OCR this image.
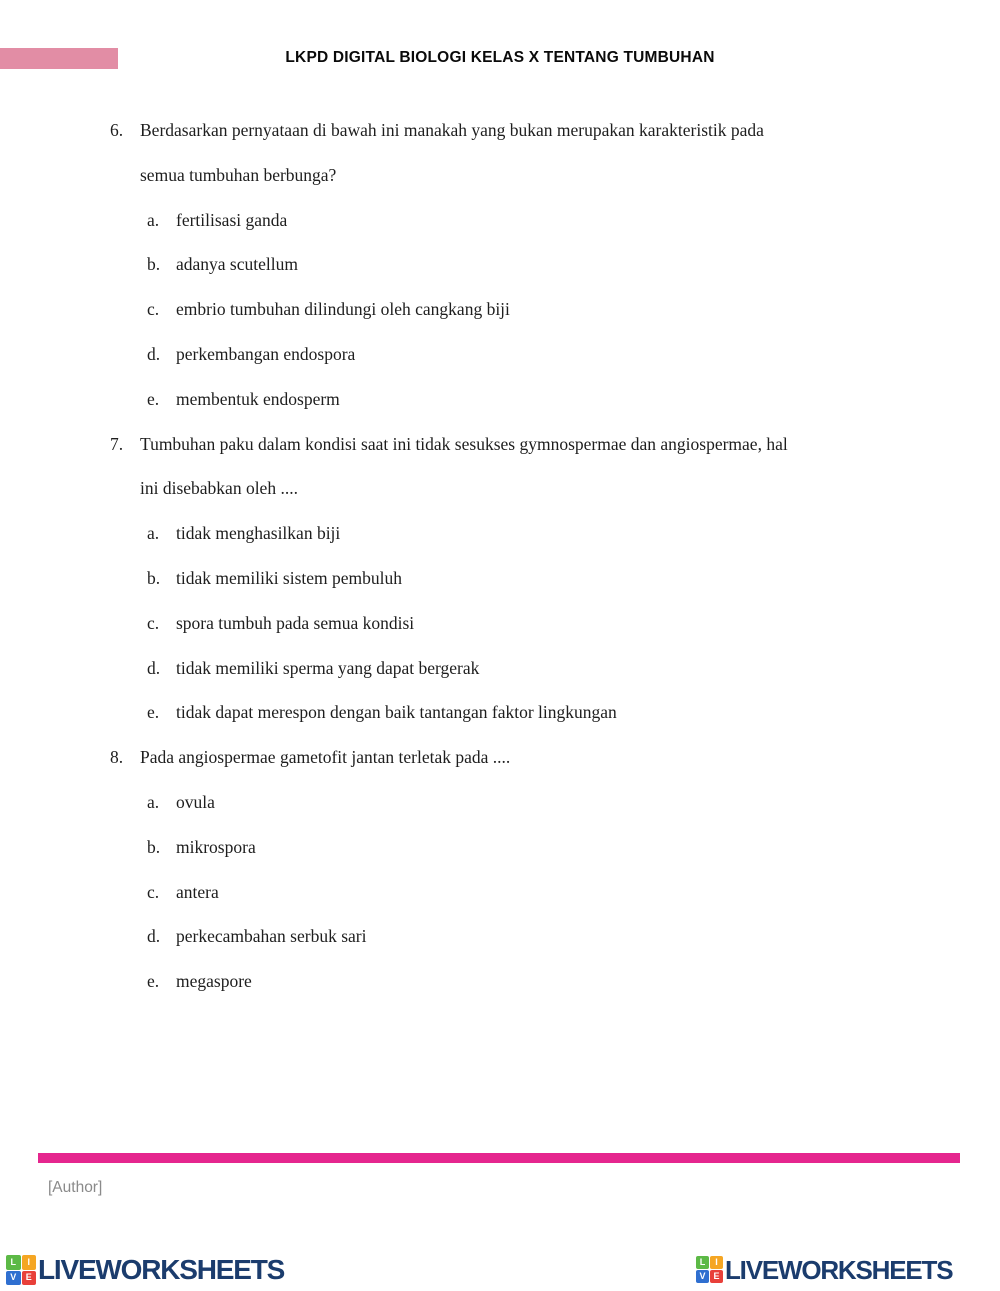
LKPD DIGITAL BIOLOGI KELAS X TENTANG TUMBUHAN
6. Berdasarkan pernyataan di bawah ini manakah yang bukan merupakan karakteristik pada
semua tumbuhan berbunga?
a. fertilisasi ganda
b. adanya scutellum
c. embrio tumbuhan dilindungi oleh cangkang biji
d. perkembangan endospora
e. membentuk endosperm
7. Tumbuhan paku dalam kondisi saat ini tidak sesukses gymnospermae dan angiospermae, hal
ini disebabkan oleh ....
a. tidak menghasilkan biji
b. tidak memiliki sistem pembuluh
c. spora tumbuh pada semua kondisi
d. tidak memiliki sperma yang dapat bergerak
e. tidak dapat merespon dengan baik tantangan faktor lingkungan
8. Pada angiospermae gametofit jantan terletak pada ....
a. ovula
b. mikrospora
c. antera
d. perkecambahan serbuk sari
e. megaspore
[Author]
L	I
V	E LIVEWORKSHEETS	L	I
V E LIVEWORKSHEETS
